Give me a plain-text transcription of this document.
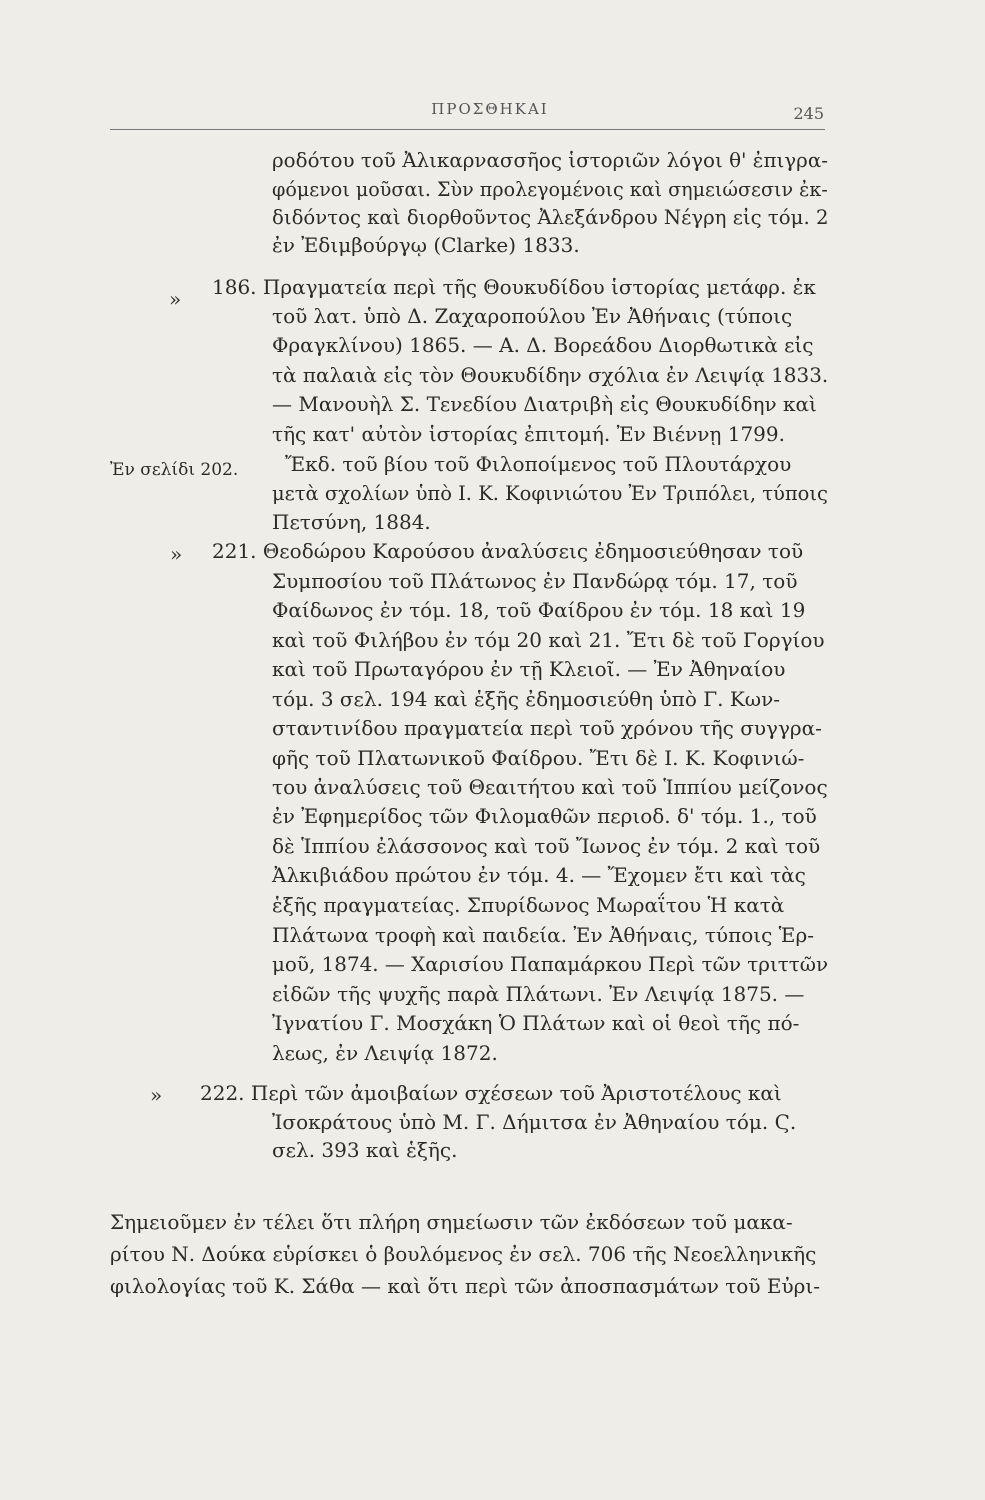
ΠΡΟΣΘΗΚΑΙ	245
»
Ἐν σελίδι 202.
»
»
ροδότου τοῦ Ἀλικαρνασσῆος ἱστοριῶν λόγοι θ' ἐπιγρα-
φόμενοι μοῦσαι. Σὺν προλεγομένοις καὶ σημειώσεσιν ἐκ-
διδόντος καὶ διορθοῦντος Ἀλεξάνδρου Νέγρη εἰς τόμ. 2
ἐν Ἐδιμβούργῳ (Clarke) 1833.
186. Πραγματεία περὶ τῆς Θουκυδίδου ἱστορίας μετάφρ. ἐκ
τοῦ λατ. ὑπὸ Δ. Ζαχαροπούλου Ἐν Ἀθήναις (τύποις
Φραγκλίνου) 1865. — Α. Δ. Βορεάδου Διορθωτικὰ εἰς
τὰ παλαιὰ εἰς τὸν Θουκυδίδην σχόλια ἐν Λειψίᾳ 1833.
— Μανουὴλ Σ. Τενεδίου Διατριβὴ εἰς Θουκυδίδην καὶ
τῆς κατ' αὐτὸν ἱστορίας ἐπιτομή. Ἐν Βιέννῃ 1799.
Ἔκδ. τοῦ βίου τοῦ Φιλοποίμενος τοῦ Πλουτάρχου
μετὰ σχολίων ὑπὸ Ι. Κ. Κοφινιώτου Ἐν Τριπόλει, τύποις
Πετσύνη, 1884.
221. Θεοδώρου Καρούσου ἀναλύσεις ἐδημοσιεύθησαν τοῦ
Συμποσίου τοῦ Πλάτωνος ἐν Πανδώρᾳ τόμ. 17, τοῦ
Φαίδωνος ἐν τόμ. 18, τοῦ Φαίδρου ἐν τόμ. 18 καὶ 19
καὶ τοῦ Φιλήβου ἐν τόμ 20 καὶ 21. Ἔτι δὲ τοῦ Γοργίου
καὶ τοῦ Πρωταγόρου ἐν τῇ Κλειοῖ. — Ἐν Ἀθηναίου
τόμ. 3 σελ. 194 καὶ ἑξῆς ἐδημοσιεύθη ὑπὸ Γ. Κων-
σταντινίδου πραγματεία περὶ τοῦ χρόνου τῆς συγγρα-
φῆς τοῦ Πλατωνικοῦ Φαίδρου. Ἔτι δὲ Ι. Κ. Κοφινιώ-
του ἀναλύσεις τοῦ Θεαιτήτου καὶ τοῦ Ἱππίου μείζονος
ἐν Ἐφημερίδος τῶν Φιλομαθῶν περιοδ. δ' τόμ. 1., τοῦ
δὲ Ἱππίου ἐλάσσονος καὶ τοῦ Ἴωνος ἐν τόμ. 2 καὶ τοῦ
Ἀλκιβιάδου πρώτου ἐν τόμ. 4. — Ἔχομεν ἔτι καὶ τὰς
ἑξῆς πραγματείας. Σπυρίδωνος Μωραΐτου Ἡ κατὰ
Πλάτωνα τροφὴ καὶ παιδεία. Ἐν Ἀθήναις, τύποις Ἑρ-
μοῦ, 1874. — Χαρισίου Παπαμάρκου Περὶ τῶν τριττῶν
εἰδῶν τῆς ψυχῆς παρὰ Πλάτωνι. Ἐν Λειψίᾳ 1875. —
Ἰγνατίου Γ. Μοσχάκη Ὁ Πλάτων καὶ οἱ θεοὶ τῆς πό-
λεως, ἐν Λειψίᾳ 1872.
222. Περὶ τῶν ἀμοιβαίων σχέσεων τοῦ Ἀριστοτέλους καὶ
Ἰσοκράτους ὑπὸ Μ. Γ. Δήμιτσα ἐν Ἀθηναίου τόμ. Ϛ.
σελ. 393 καὶ ἑξῆς.
Σημειοῦμεν ἐν τέλει ὅτι πλήρη σημείωσιν τῶν ἐκδόσεων τοῦ μακα-
ρίτου Ν. Δούκα εὑρίσκει ὁ βουλόμενος ἐν σελ. 706 τῆς Νεοελληνικῆς
φιλολογίας τοῦ Κ. Σάθα — καὶ ὅτι περὶ τῶν ἀποσπασμάτων τοῦ Εὐρι-
